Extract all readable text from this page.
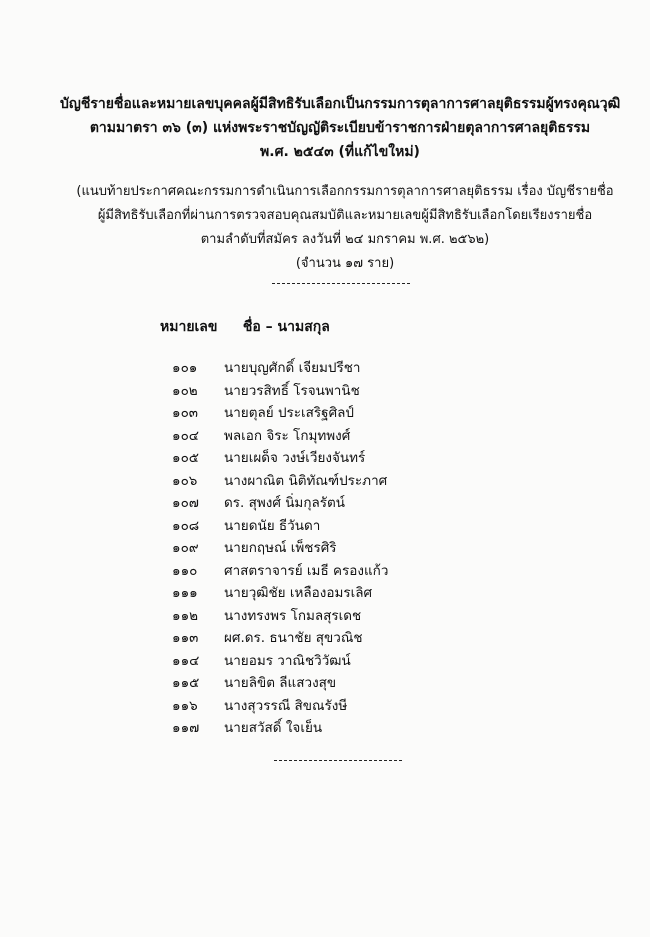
บัญชีรายชื่อและหมายเลขบุคคลผู้มีสิทธิรับเลือกเป็นกรรมการตุลาการศาลยุติธรรมผู้ทรงคุณวุฒิ
ตามมาตรา ๓๖ (๓) แห่งพระราชบัญญัติระเบียบข้าราชการฝ่ายตุลาการศาลยุติธรรม
พ.ศ. ๒๕๔๓ (ที่แก้ไขใหม่)
(แนบท้ายประกาศคณะกรรมการดำเนินการเลือกกรรมการตุลาการศาลยุติธรรม เรื่อง บัญชีรายชื่อ
ผู้มีสิทธิรับเลือกที่ผ่านการตรวจสอบคุณสมบัติและหมายเลขผู้มีสิทธิรับเลือกโดยเรียงรายชื่อ
ตามลำดับที่สมัคร ลงวันที่ ๒๔ มกราคม พ.ศ. ๒๕๖๒)
(จำนวน ๑๗ ราย)
หมายเลข ชื่อ – นามสกุล
๑๐๑ นายบุญศักดิ์ เจียมปรีชา
๑๐๒ นายวรสิทธิ์ โรจนพานิช
๑๐๓ นายตุลย์ ประเสริฐศิลป์
๑๐๔ พลเอก จิระ โกมุทพงศ์
๑๐๕ นายเผด็จ วงษ์เวียงจันทร์
๑๐๖ นางผาณิต นิติทัณฑ์ประภาศ
๑๐๗ ดร. สุพงศ์ นิ่มกุลรัตน์
๑๐๘ นายดนัย ธีวันดา
๑๐๙ นายกฤษณ์ เพ็ชรศิริ
๑๑๐ ศาสตราจารย์ เมธี ครองแก้ว
๑๑๑ นายวุฒิชัย เหลืองอมรเลิศ
๑๑๒ นางทรงพร โกมลสุรเดช
๑๑๓ ผศ.ดร. ธนาชัย สุขวณิช
๑๑๔ นายอมร วาณิชวิวัฒน์
๑๑๕ นายลิขิต ลีแสวงสุข
๑๑๖ นางสุวรรณี สิขณรังษี
๑๑๗ นายสวัสดิ์ ใจเย็น
